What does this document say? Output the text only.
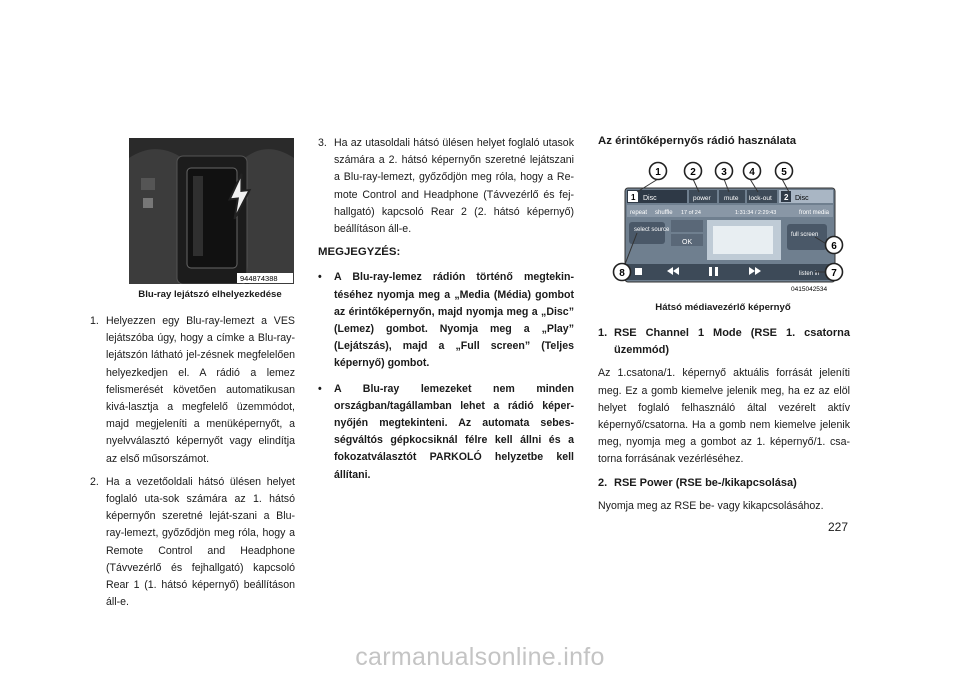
944874388
Blu-ray lejátszó elhelyezkedése
1. Helyezzen egy Blu-ray-lemezt a VES lejátszóba úgy, hogy a címke a Blu-ray-lejátszón látható jel-zésnek megfelelően helyezkedjen el. A rádió a lemez felismerését követően automatikusan kivá-lasztja a megfelelő üzemmódot, majd megjeleníti a menüképernyőt, a nyelvválasztó képernyőt vagy elindítja az első műsorszámot.
2. Ha a vezetőoldali hátsó ülésen helyet foglaló uta-sok számára az 1. hátsó képernyőn szeretné leját-szani a Blu-ray-lemezt, győződjön meg róla, hogy a Remote Control and Headphone (Távvezérlő és fejhallgató) kapcsoló Rear 1 (1. hátsó képernyő) beállításon áll-e.
3. Ha az utasoldali hátsó ülésen helyet foglaló utasok számára a 2. hátsó képernyőn szeretné lejátszani a Blu-ray-lemezt, győződjön meg róla, hogy a Re-mote Control and Headphone (Távvezérlő és fej-hallgató) kapcsoló Rear 2 (2. hátsó képernyő) beállításon áll-e.

MEGJEGYZÉS:

• A Blu-ray-lemez rádión történő megtekin-téséhez nyomja meg a „Media (Média) gombot az érintőképernyőn, majd nyomja meg a „Disc” (Lemez) gombot. Nyomja meg a „Play” (Lejátszás), majd a „Full screen” (Teljes képernyő) gombot.
• A Blu-ray lemezeket nem minden országban/tagállamban lehet a rádió képer-nyőjén megtekinteni. Az automata sebes-ségváltós gépkocsiknál félre kell állni és a fokozatválasztót PARKOLÓ helyzetbe kell állítani.
Az érintőképernyős rádió használata
1 Disc	power mute lock-out 2 Disc
repeat shuffle 17 of 24	1:31:34 / 2:29:43	front media
select source
OK
full screen
listen in
1	2	3 4	5
6
7
8
0415042534
Hátsó médiavezérlő képernyő
1. RSE Channel 1 Mode (RSE 1. csatorna üzemmód)

Az 1.csatona/1. képernyő aktuális forrását jeleníti meg. Ez a gomb kiemelve jelenik meg, ha ez az elöl helyet foglaló felhasználó által vezérelt aktív képernyő/csatorna. Ha a gomb nem kiemelve jelenik meg, nyomja meg a gombot az 1. képernyő/1. csa-torna forrásának vezérléséhez.

2. RSE Power (RSE be-/kikapcsolása)

Nyomja meg az RSE be- vagy kikapcsolásához.

227
carmanualsonline.info
